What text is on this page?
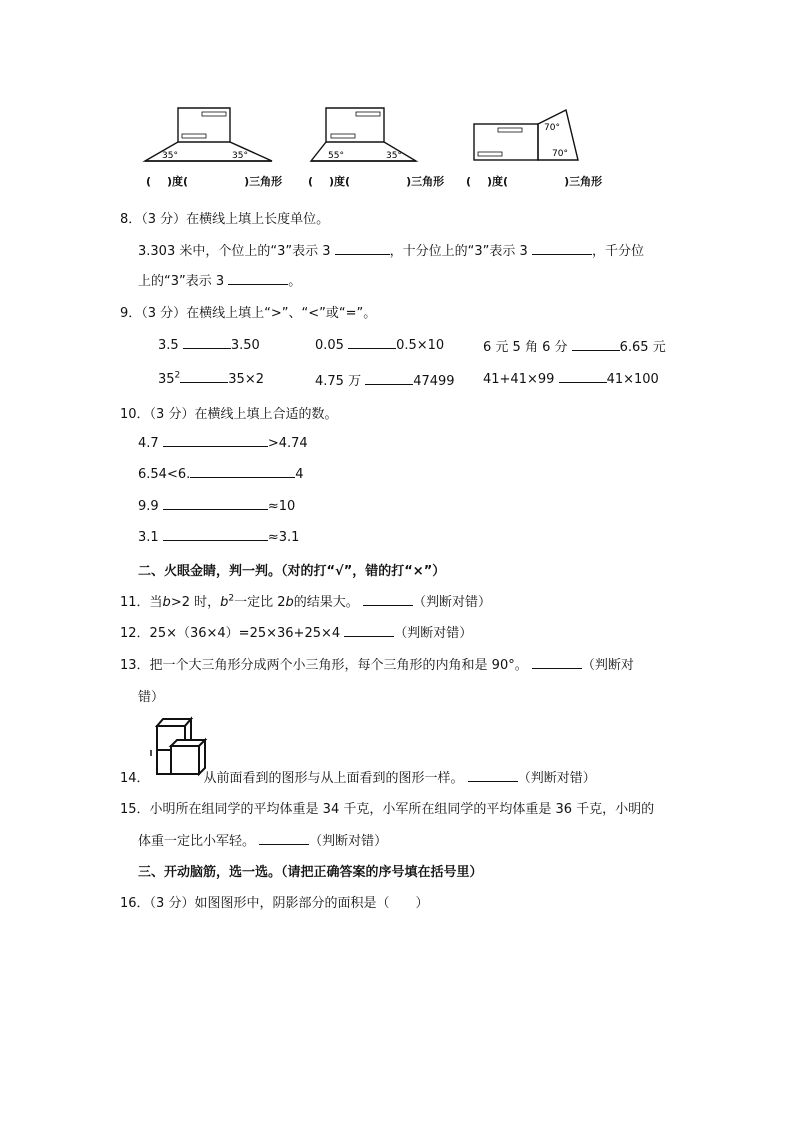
35°	35°	55°	35°
70°
70°
( )度(	)三角形 ( )度(	)三角形 ( )度(	)三角形
8．（3 分）在横线上填上长度单位。
3.303 米中，个位上的“3”表示 3	，十分位上的“3”表示 3	，千分位
上的“3”表示 3	。
9．（3 分）在横线上填上“>”、“<”或“=”。
3.5	3.50	0.05	0.5×10	6 元 5 角 6 分	6.65 元
$35^2$	35×2	4.75 万	47499 41+41×99	41×100
10．（3 分）在横线上填上合适的数。
4.7	>4.74
6.54<6.	4
9.9	≈10
3.1	≈3.1
二、火眼金睛，判一判。（对的打“√”，错的打“×”）
11．当b>2 时，$b^2$一定比 2b的结果大。	（判断对错）
12．25×（36×4）=25×36+25×4	（判断对错）
13．把一个大三角形分成两个小三角形，每个三角形的内角和是 90°。	（判断对
错）
14．	从前面看到的图形与从上面看到的图形一样。	（判断对错）
15．小明所在组同学的平均体重是 34 千克，小军所在组同学的平均体重是 36 千克，小明的
体重一定比小军轻。	（判断对错）
三、开动脑筋，选一选。（请把正确答案的序号填在括号里）
16．（3 分）如图图形中，阴影部分的面积是（　　）
